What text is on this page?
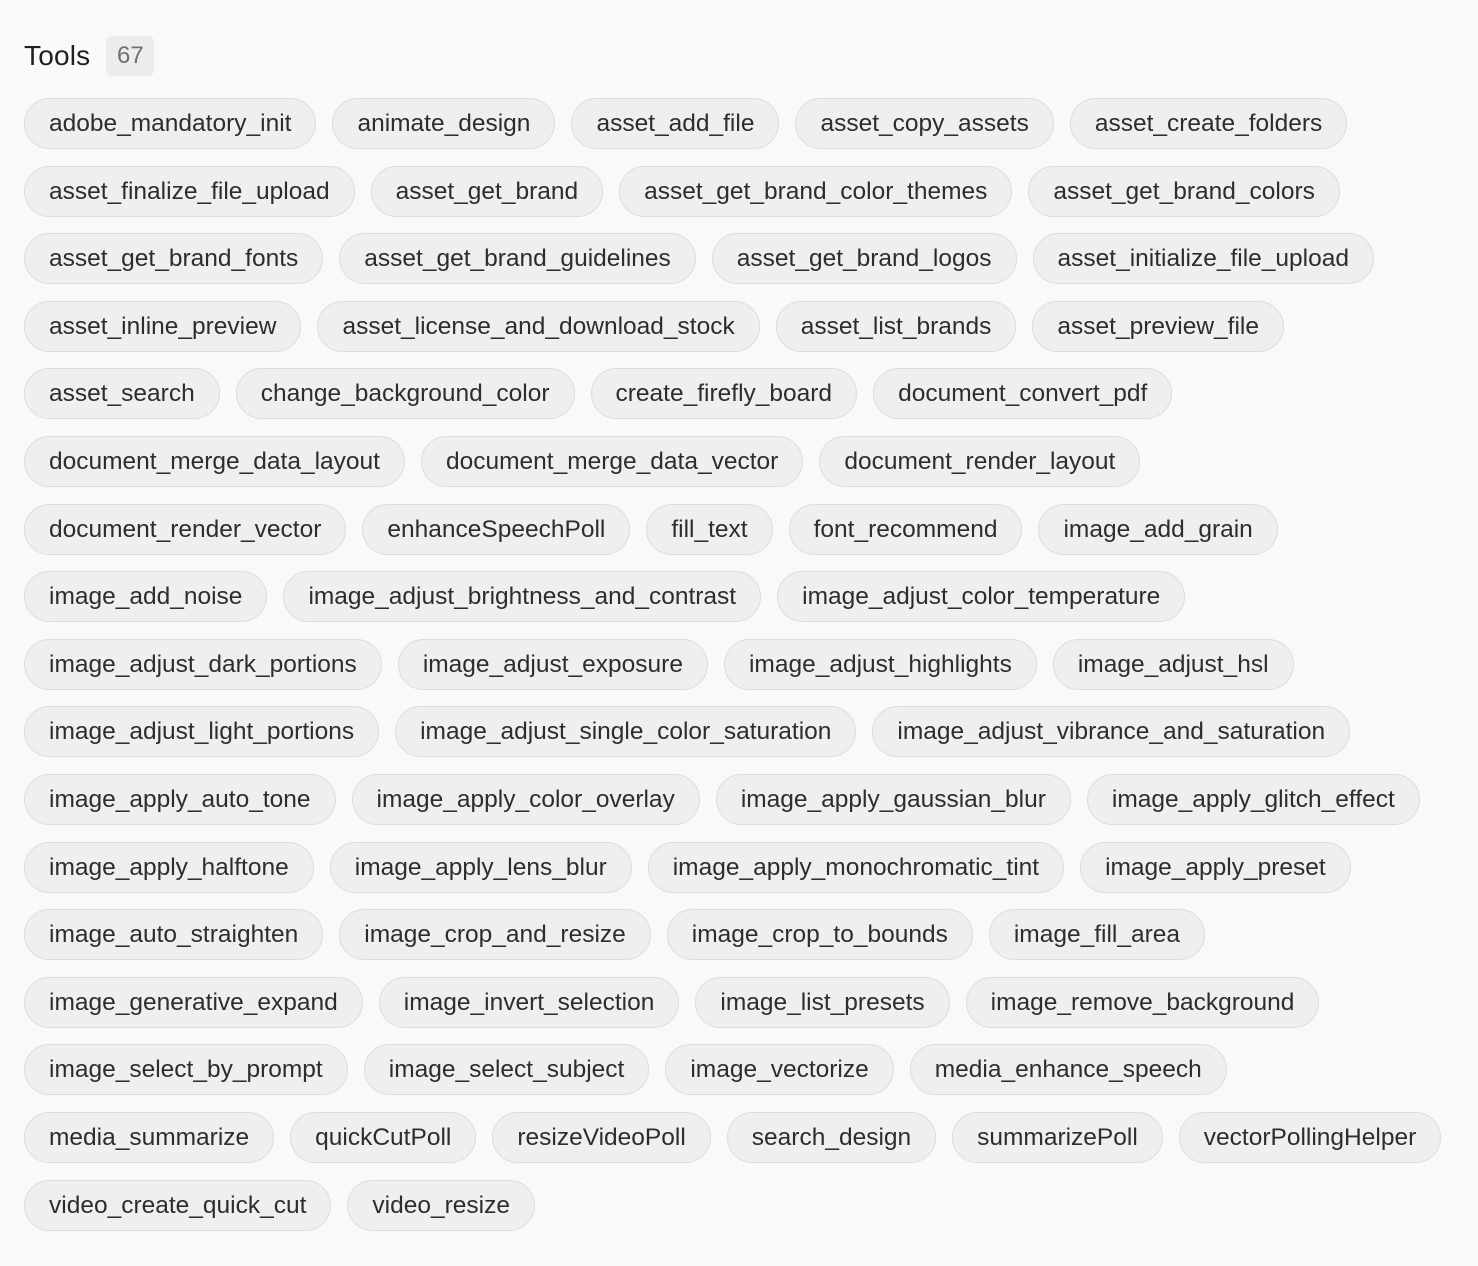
Tools	67
adobe_mandatory_init	animate_design	asset_add_file	asset_copy_assets	asset_create_folders
asset_finalize_file_upload	asset_get_brand	asset_get_brand_color_themes	asset_get_brand_colors
asset_get_brand_fonts	asset_get_brand_guidelines	asset_get_brand_logos	asset_initialize_file_upload
asset_inline_preview	asset_license_and_download_stock	asset_list_brands	asset_preview_file
asset_search	change_background_color	create_firefly_board	document_convert_pdf
document_merge_data_layout	document_merge_data_vector	document_render_layout
document_render_vector	enhanceSpeechPoll	fill_text	font_recommend	image_add_grain
image_add_noise	image_adjust_brightness_and_contrast	image_adjust_color_temperature
image_adjust_dark_portions	image_adjust_exposure	image_adjust_highlights	image_adjust_hsl
image_adjust_light_portions	image_adjust_single_color_saturation	image_adjust_vibrance_and_saturation
image_apply_auto_tone	image_apply_color_overlay	image_apply_gaussian_blur	image_apply_glitch_effect
image_apply_halftone	image_apply_lens_blur	image_apply_monochromatic_tint	image_apply_preset
image_auto_straighten	image_crop_and_resize	image_crop_to_bounds	image_fill_area
image_generative_expand	image_invert_selection	image_list_presets	image_remove_background
image_select_by_prompt	image_select_subject	image_vectorize	media_enhance_speech
media_summarize	quickCutPoll	resizeVideoPoll	search_design	summarizePoll	vectorPollingHelper
video_create_quick_cut	video_resize
